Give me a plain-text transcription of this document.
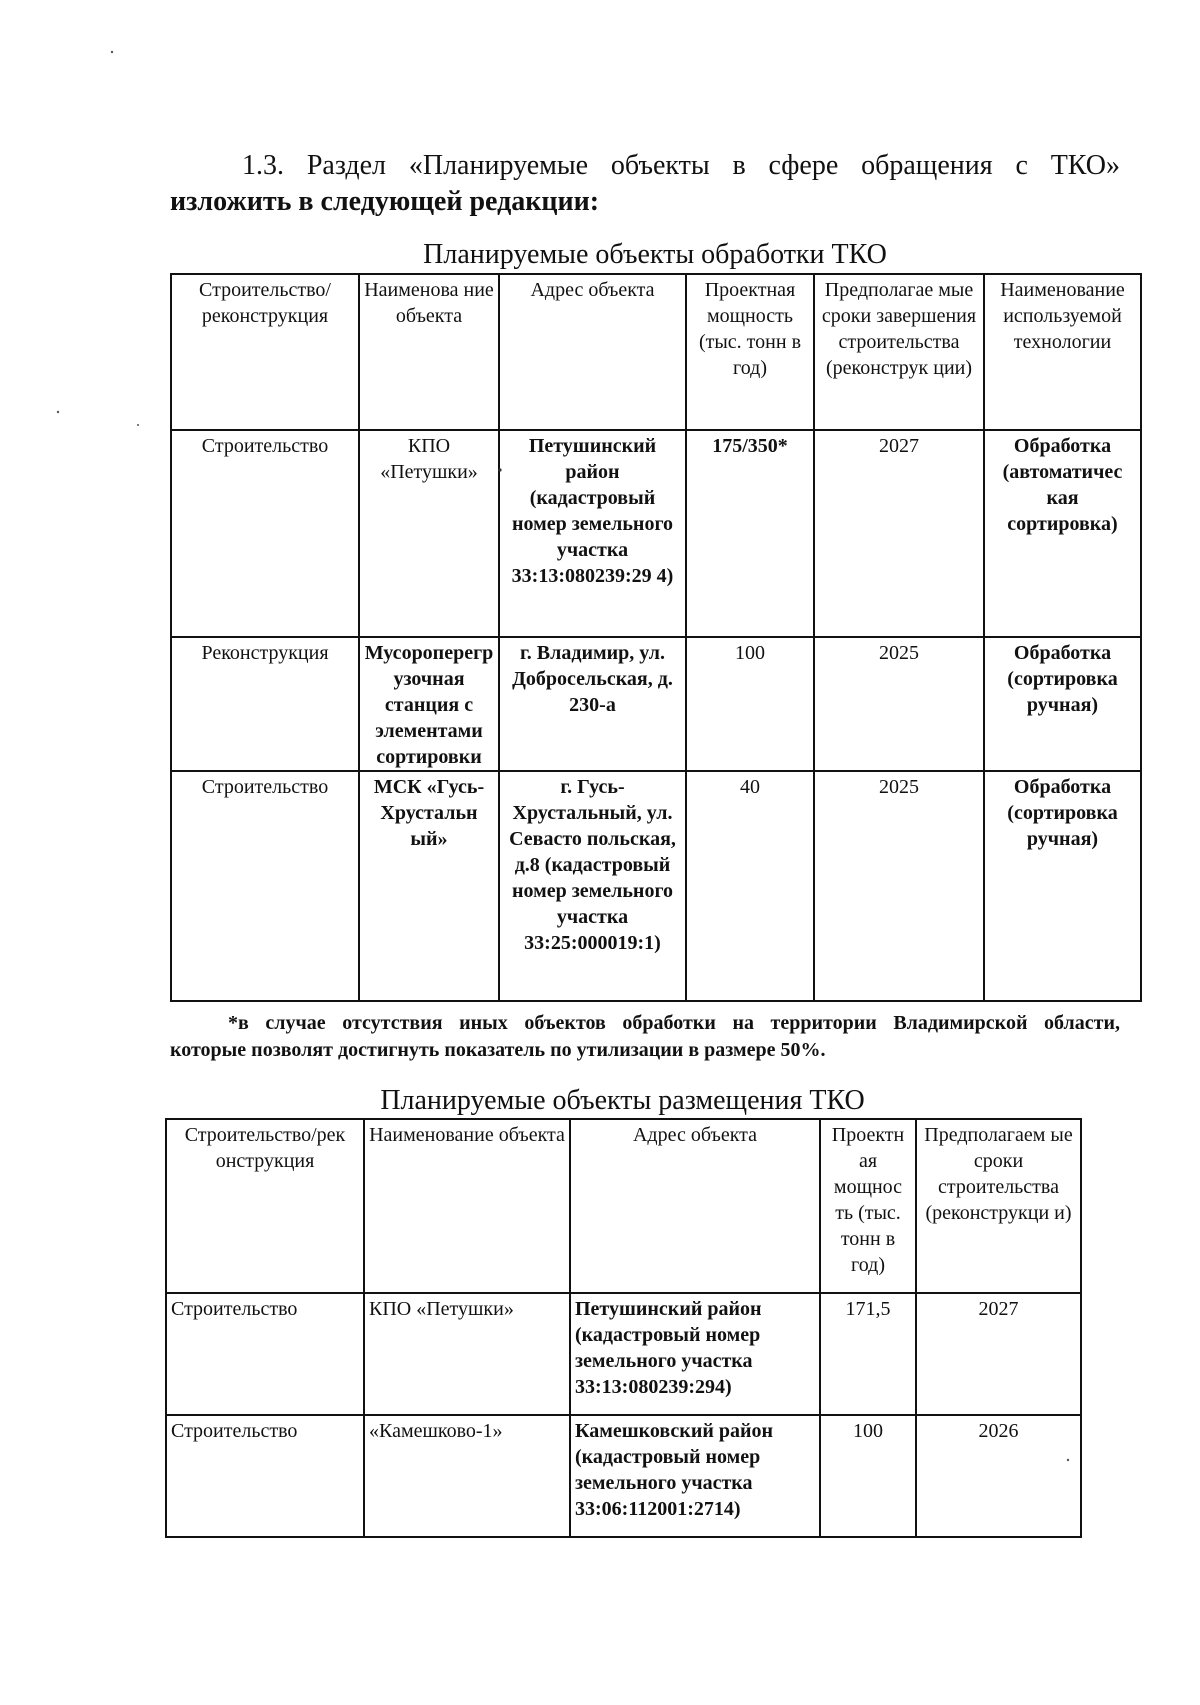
1.3. Раздел «Планируемые объекты в сфере обращения с ТКО»
изложить в следующей редакции:
Планируемые объекты обработки ТКО
Строительство/ реконструкция	Наименова ние объекта	Адрес объекта	Проектная мощность (тыс. тонн в год)	Предполагае мые сроки завершения строительства (реконструк ции)	Наименование используемой технологии
Строительство	КПО «Петушки»	Петушинский район (кадастровый номер земельного участка 33:13:080239:29 4)	175/350*	2027	Обработка (автоматичес кая сортировка)
Реконструкция	Мусороперегр узочная станция с элементами сортировки	г. Владимир, ул. Добросельская, д. 230-а	100	2025	Обработка (сортировка ручная)
Строительство	МСК «Гусь- Хрустальн ый»	г. Гусь- Хрустальный, ул. Севасто польская, д.8 (кадастровый номер земельного участка 33:25:000019:1)	40	2025	Обработка (сортировка ручная)
*в случае отсутствия иных объектов обработки на территории Владимирской области,
которые позволят достигнуть показатель по утилизации в размере 50%.
Планируемые объекты размещения ТКО
Строительство/рек онструкция	Наименование объекта	Адрес объекта	Проектн ая мощнос ть (тыс. тонн в год)	Предполагаем ые сроки строительства (реконструкци и)
Строительство	КПО «Петушки»	Петушинский район (кадастровый номер земельного участка 33:13:080239:294)	171,5	2027
Строительство	«Камешково-1»	Камешковский район (кадастровый номер земельного участка 33:06:112001:2714)	100	2026
